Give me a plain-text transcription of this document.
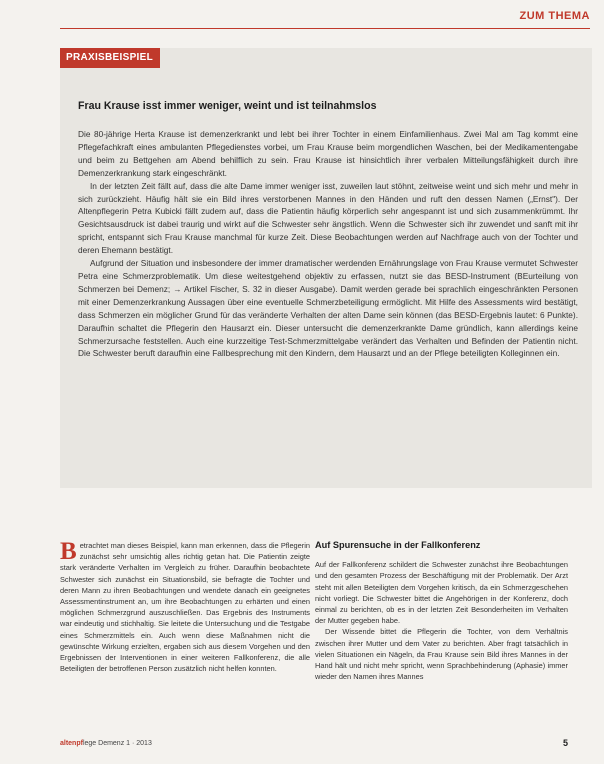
ZUM THEMA
PRAXISBEISPIEL
Frau Krause isst immer weniger, weint und ist teilnahmslos

Die 80-jährige Herta Krause ist demenzerkrankt und lebt bei ihrer Tochter in einem Einfamilienhaus. Zwei Mal am Tag kommt eine Pflegefachkraft eines ambulanten Pflegedienstes vorbei, um Frau Krause beim morgendlichen Waschen, bei der Medikamentengabe und beim zu Bettgehen am Abend behilflich zu sein. Frau Krause ist hinsichtlich ihrer verbalen Mitteilungsfähigkeit durch ihre Demenzerkrankung stark eingeschränkt.

In der letzten Zeit fällt auf, dass die alte Dame immer weniger isst, zuweilen laut stöhnt, zeitweise weint und sich mehr und mehr in sich zurückzieht. Häufig hält sie ein Bild ihres verstorbenen Mannes in den Händen und ruft den dessen Namen („Ernst"). Der Altenpflegerin Petra Kubicki fällt zudem auf, dass die Patientin häufig körperlich sehr angespannt ist und sich zusammenkrümmt. Ihr Gesichtsausdruck ist dabei traurig und wirkt auf die Schwester sehr ängstlich. Wenn die Schwester sich ihr zuwendet und sanft mit ihr spricht, entspannt sich Frau Krause manchmal für kurze Zeit. Diese Beobachtungen werden auf Nachfrage auch von der Tochter und deren Ehemann bestätigt.

Aufgrund der Situation und insbesondere der immer dramatischer werdenden Ernährungslage von Frau Krause vermutet Schwester Petra eine Schmerzproblematik. Um diese weitestgehend objektiv zu erfassen, nutzt sie das BESD-Instrument (BEurteilung von Schmerzen bei Demenz; → Artikel Fischer, S. 32 in dieser Ausgabe). Damit werden gerade bei sprachlich eingeschränkten Personen mit einer Demenzerkrankung Aussagen über eine eventuelle Schmerzbeteiligung ermöglicht. Mit Hilfe des Assessments wird bestätigt, dass Schmerzen ein möglicher Grund für das veränderte Verhalten der alten Dame sein können (das BESD-Ergebnis lautet: 6 Punkte). Daraufhin schaltet die Pflegerin den Hausarzt ein. Dieser untersucht die demenzerkrankte Dame gründlich, kann allerdings keine Schmerzursache feststellen. Auch eine kurzzeitige Test-Schmerzmittelgabe verändert das Verhalten und Befinden der Patientin nicht. Die Schwester beruft daraufhin eine Fallbesprechung mit den Kindern, dem Hausarzt und an der Pflege beteiligten Kolleginnen ein.

B etrachtet man dieses Beispiel, kann man erkennen, dass die Pflegerin zunächst sehr umsichtig alles richtig getan hat. Die Patientin zeigte stark veränderte Verhalten im Vergleich zu früher. Daraufhin beobachtete Schwester sich zunächst ein Situationsbild, sie befragte die Tochter und deren Mann zu ihren Beobachtungen und wendete danach ein geeignetes Assessmentinstrument an, um ihre Beobachtungen zu erhärten und einen möglichen Schmerzgrund auszuschließen. Das Ergebnis des Instruments war eindeutig und stichhaltig. Sie leitete die Untersuchung und die Testgabe eines Schmerzmittels ein. Auch wenn diese Maßnahmen nicht die gewünschte Wirkung erzielten, ergaben sich aus diesem Vorgehen und den Ergebnissen der Interventionen in einer weiteren Fallkonferenz, die alle Beteiligten der betroffenen Person zusätzlich nicht helfen konnten.
Auf Spurensuche in der Fallkonferenz

Auf der Fallkonferenz schildert die Schwester zunächst ihre Beobachtungen und den gesamten Prozess der Beschäftigung mit der Problematik. Der Arzt steht mit allen Beteiligten dem Vorgehen kritisch, da ein Schmerzgeschehen nicht vorliegt. Die Schwester bittet die Angehörigen in der Konferenz, doch einmal zu berichten, ob es in der letzten Zeit Besonderheiten im Verhalten der Mutter gegeben habe.

Der Wissende bittet die Pflegerin die Tochter, von dem Verhältnis zwischen ihrer Mutter und dem Vater zu berichten. Aber fragt tatsächlich in vielen Situationen ein Nägeln, da Frau Krause sein Bild ihres Mannes in der Hand hält und nicht mehr spricht, wenn Sprachbehinderung (Aphasie) immer wieder den Namen ihres Mannes

altenpflege Demenz 1 · 2013	5
